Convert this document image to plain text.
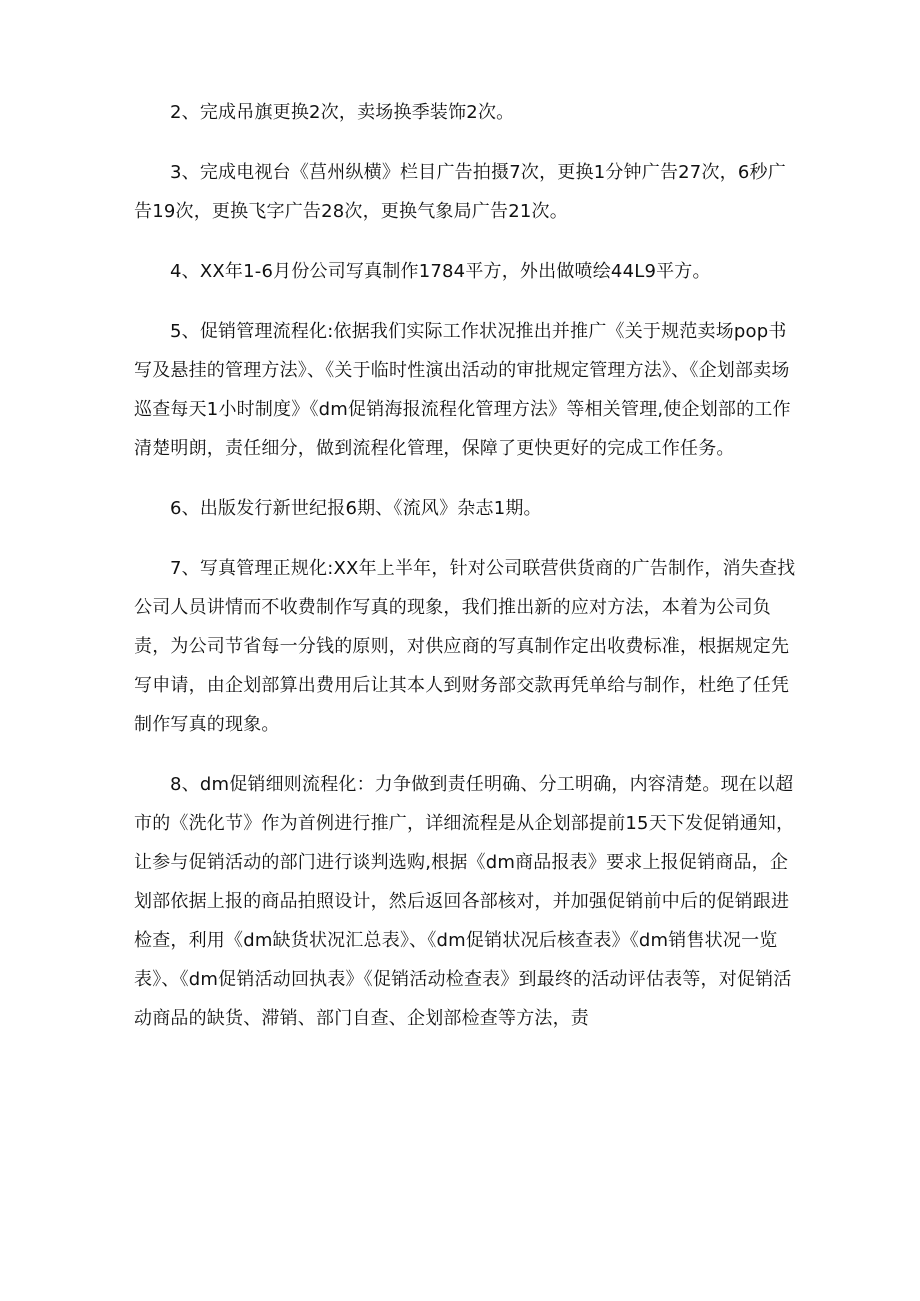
2、完成吊旗更换2次，卖场换季装饰2次。

3、完成电视台《莒州纵横》栏目广告拍摄7次，更换1分钟广告27次，6秒广告19次，更换飞字广告28次，更换气象局广告21次。

4、XX年1-6月份公司写真制作1784平方，外出做喷绘44L9平方。

5、促销管理流程化:依据我们实际工作状况推出并推广《关于规范卖场pop书写及悬挂的管理方法》、《关于临时性演出活动的审批规定管理方法》、《企划部卖场巡查每天1小时制度》《dm促销海报流程化管理方法》等相关管理,使企划部的工作清楚明朗，责任细分，做到流程化管理，保障了更快更好的完成工作任务。

6、出版发行新世纪报6期、《流风》杂志1期。

7、写真管理正规化:XX年上半年，针对公司联营供货商的广告制作，消失查找公司人员讲情而不收费制作写真的现象，我们推出新的应对方法，本着为公司负责，为公司节省每一分钱的原则，对供应商的写真制作定出收费标准，根据规定先写申请，由企划部算出费用后让其本人到财务部交款再凭单给与制作，杜绝了任凭制作写真的现象。

8、dm促销细则流程化：力争做到责任明确、分工明确，内容清楚。现在以超市的《洗化节》作为首例进行推广，详细流程是从企划部提前15天下发促销通知，让参与促销活动的部门进行谈判选购,根据《dm商品报表》要求上报促销商品，企划部依据上报的商品拍照设计，然后返回各部核对，并加强促销前中后的促销跟进检查，利用《dm缺货状况汇总表》、《dm促销状况后核查表》《dm销售状况一览表》、《dm促销活动回执表》《促销活动检查表》到最终的活动评估表等，对促销活动商品的缺货、滞销、部门自查、企划部检查等方法，责
